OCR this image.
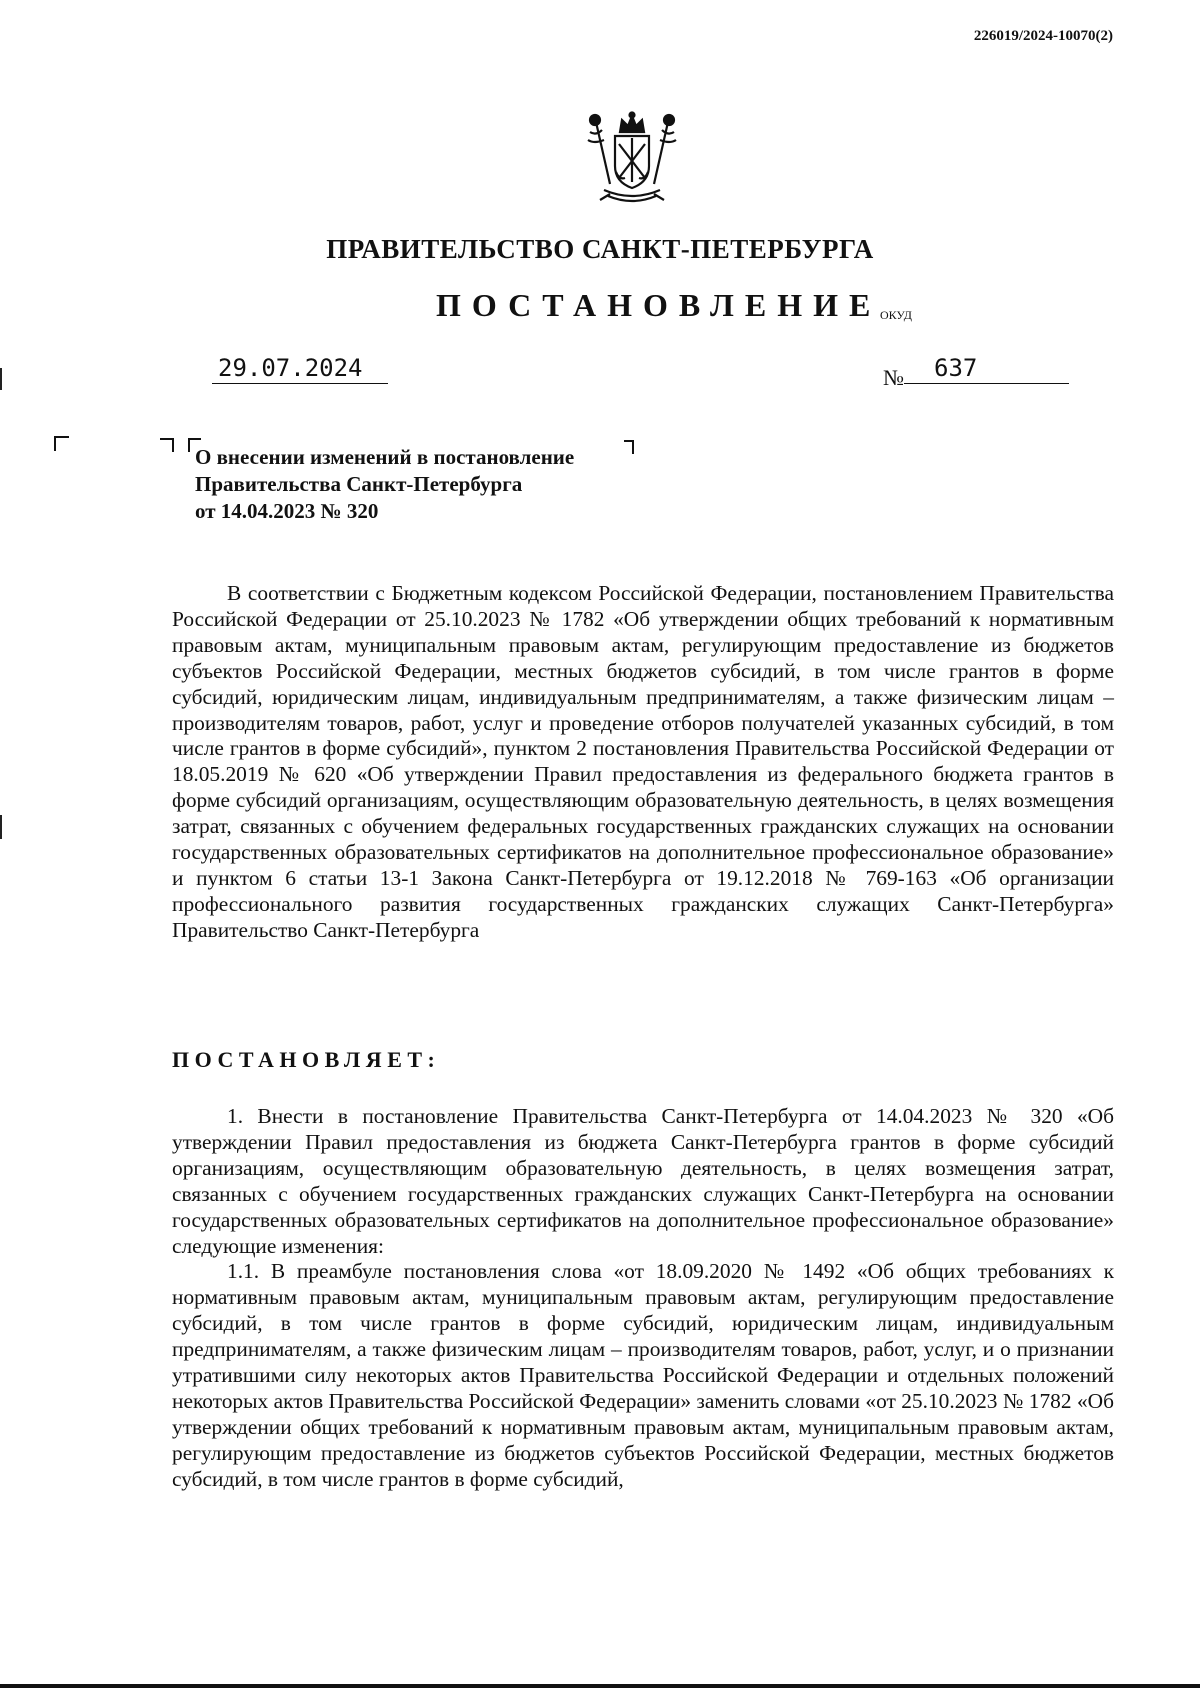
226019/2024-10070(2)
ПРАВИТЕЛЬСТВО САНКТ-ПЕТЕРБУРГА
ПОСТАНОВЛЕНИЕ
ОКУД
29.07.2024	№ 637
О внесении изменений в постановление
Правительства Санкт-Петербурга
от 14.04.2023 № 320

В соответствии с Бюджетным кодексом Российской Федерации, постановлением Правительства Российской Федерации от 25.10.2023 № 1782 «Об утверждении общих требований к нормативным правовым актам, муниципальным правовым актам, регулирующим предоставление из бюджетов субъектов Российской Федерации, местных бюджетов субсидий, в том числе грантов в форме субсидий, юридическим лицам, индивидуальным предпринимателям, а также физическим лицам – производителям товаров, работ, услуг и проведение отборов получателей указанных субсидий, в том числе грантов в форме субсидий», пунктом 2 постановления Правительства Российской Федерации от 18.05.2019 № 620 «Об утверждении Правил предоставления из федерального бюджета грантов в форме субсидий организациям, осуществляющим образовательную деятельность, в целях возмещения затрат, связанных с обучением федеральных государственных гражданских служащих на основании государственных образовательных сертификатов на дополнительное профессиональное образование» и пунктом 6 статьи 13-1 Закона Санкт-Петербурга от 19.12.2018 № 769-163 «Об организации профессионального развития государственных гражданских служащих Санкт-Петербурга» Правительство Санкт-Петербурга

ПОСТАНОВЛЯЕТ:

1. Внести в постановление Правительства Санкт-Петербурга от 14.04.2023 № 320 «Об утверждении Правил предоставления из бюджета Санкт-Петербурга грантов в форме субсидий организациям, осуществляющим образовательную деятельность, в целях возмещения затрат, связанных с обучением государственных гражданских служащих Санкт-Петербурга на основании государственных образовательных сертификатов на дополнительное профессиональное образование» следующие изменения:

1.1. В преамбуле постановления слова «от 18.09.2020 № 1492 «Об общих требованиях к нормативным правовым актам, муниципальным правовым актам, регулирующим предоставление субсидий, в том числе грантов в форме субсидий, юридическим лицам, индивидуальным предпринимателям, а также физическим лицам – производителям товаров, работ, услуг, и о признании утратившими силу некоторых актов Правительства Российской Федерации и отдельных положений некоторых актов Правительства Российской Федерации» заменить словами «от 25.10.2023 № 1782 «Об утверждении общих требований к нормативным правовым актам, муниципальным правовым актам, регулирующим предоставление из бюджетов субъектов Российской Федерации, местных бюджетов субсидий, в том числе грантов в форме субсидий,
